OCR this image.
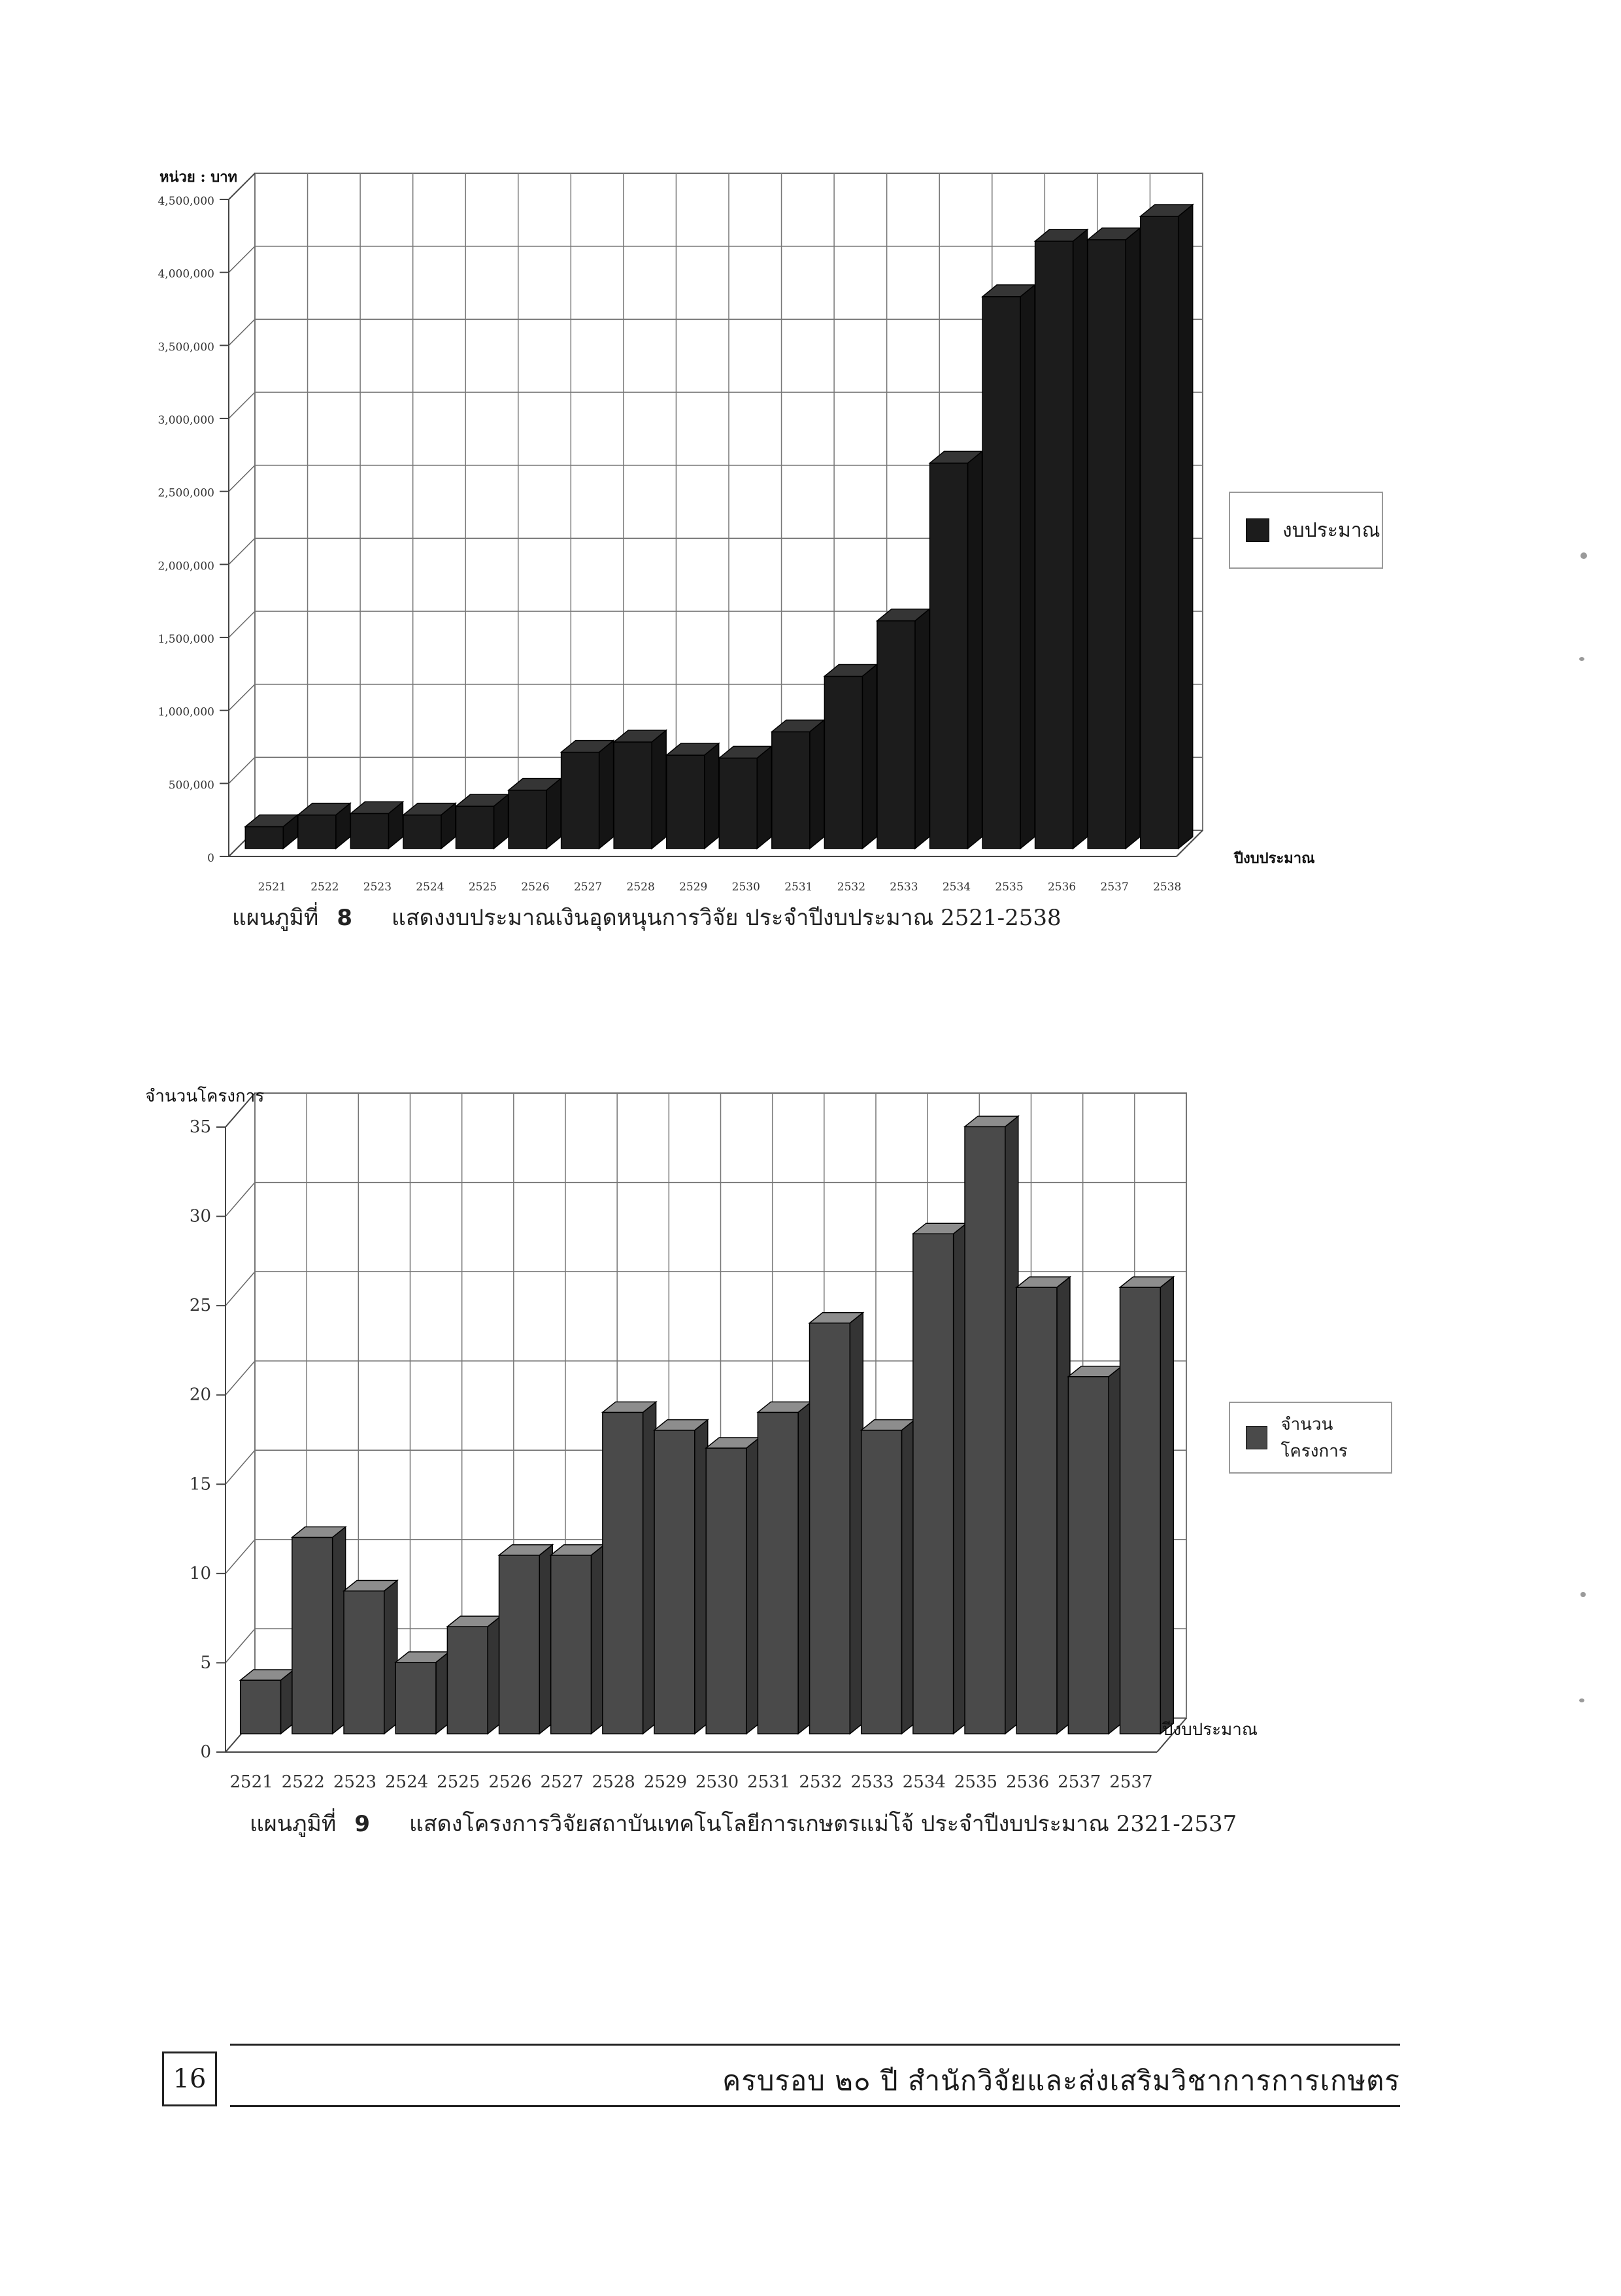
0
500,000
1,000,000
1,500,000
2,000,000
2,500,000
3,000,000
3,500,000
4,000,000
4,500,000
2521 2522 2523 2524 2525 2526 2527 2528 2529 2530 2531 2532 2533 2534 2535 2536 2537 2538
หน่วย : บาท
ปีงบประมาณ
งบประมาณ
แผนภูมิที่ 8 แสดงงบประมาณเงินอุดหนุนการวิจัย ประจำปีงบประมาณ 2521-2538
0
5
10
15
20
25
30
35
2521 2522 2523 2524 2525 2526 2527 2528 2529 2530 2531 2532 2533 2534 2535 2536 2537 2537
จำนวนโครงการ
ปีงบประมาณ
จำนวนโครงการ
แผนภูมิที่ 9 แสดงโครงการวิจัยสถาบันเทคโนโลยีการเกษตรแม่โจ้ ประจำปีงบประมาณ 2321-2537
16	ครบรอบ ๒๐ ปี สำนักวิจัยและส่งเสริมวิชาการการเกษตร
